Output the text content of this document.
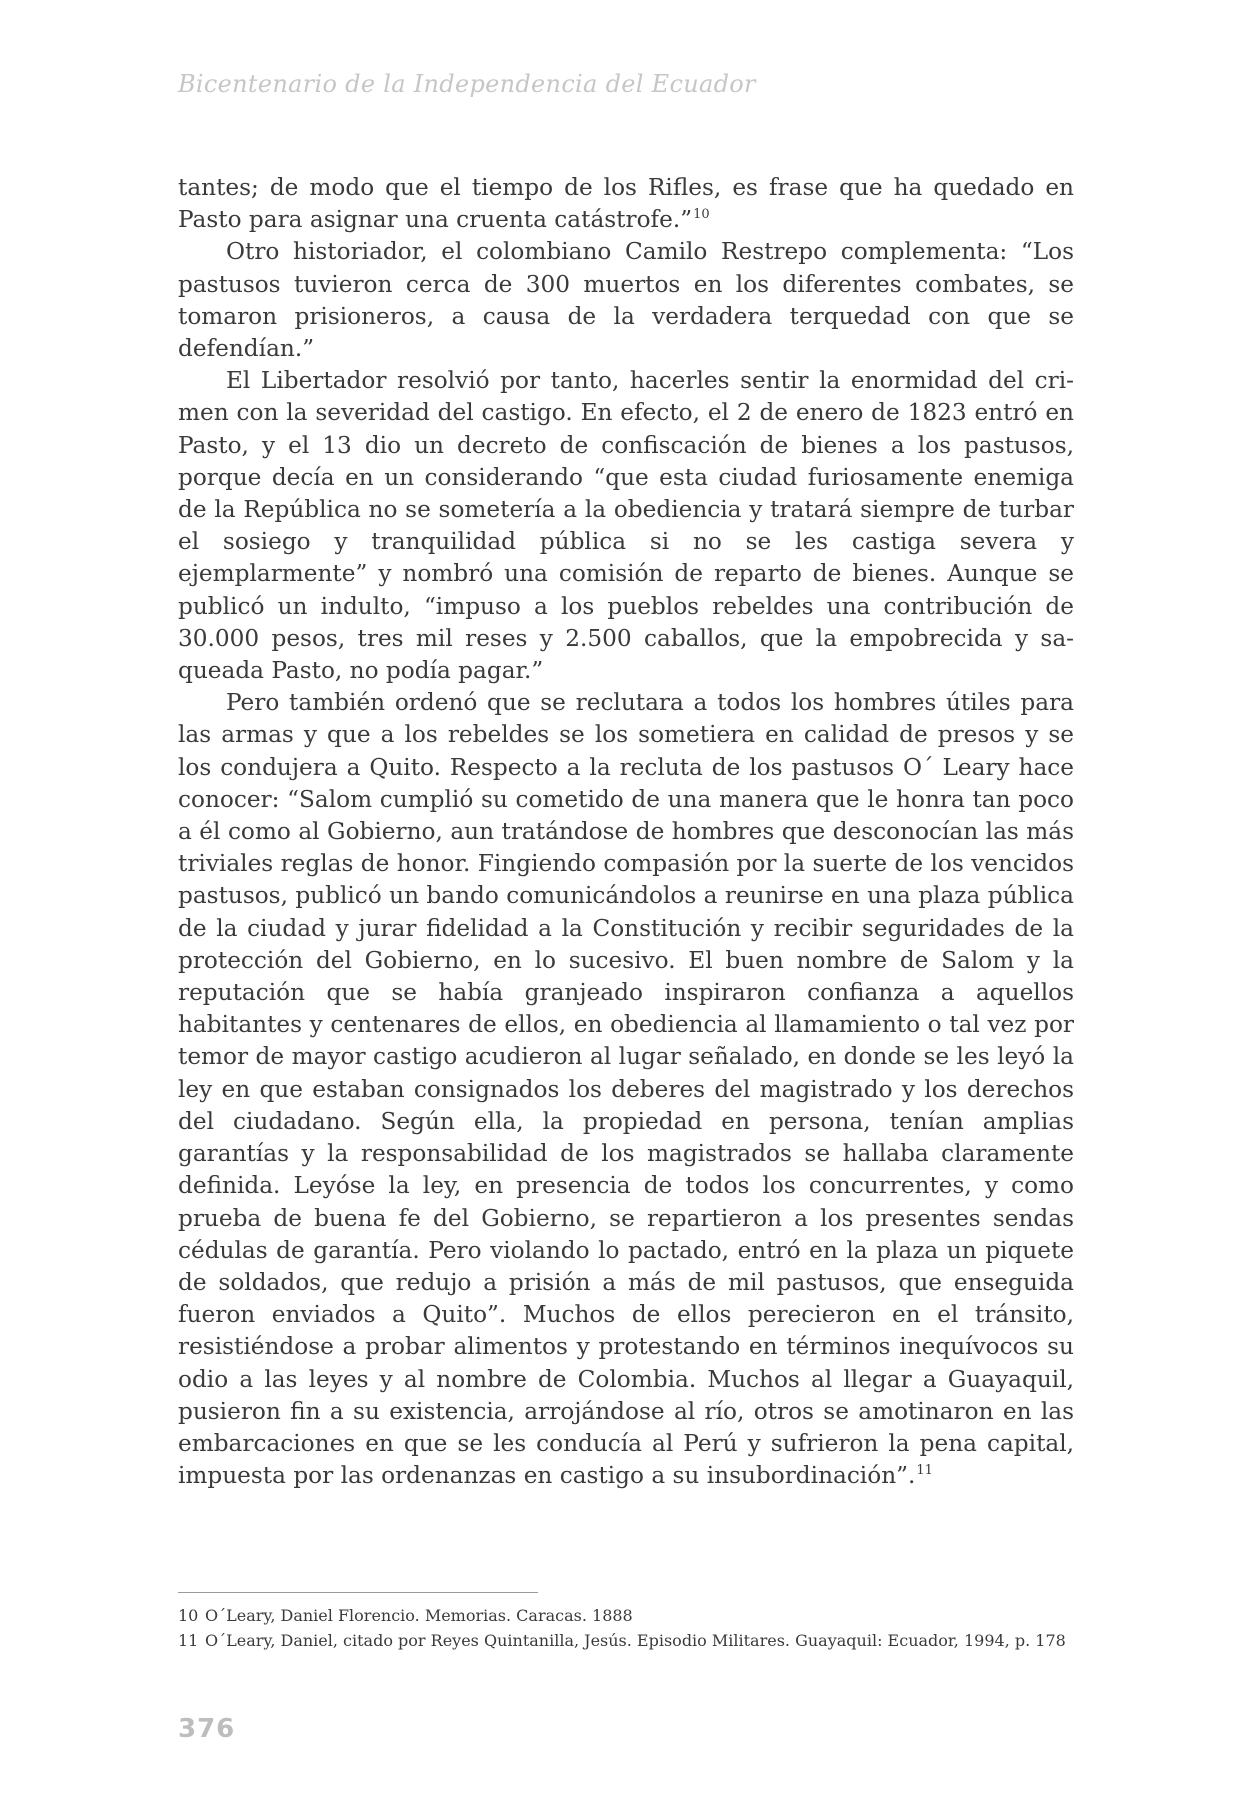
Bicentenario de la Independencia del Ecuador

tantes; de modo que el tiempo de los Rifles, es frase que ha quedado en Pasto para asignar una cruenta catástrofe.”$^{10}$

Otro historiador, el colombiano Camilo Restrepo complementa: “Los pastusos tuvieron cerca de 300 muertos en los diferentes combates, se tomaron prisioneros, a causa de la verdadera terquedad con que se defendían.”

El Libertador resolvió por tanto, hacerles sentir la enormidad del crimen con la severidad del castigo. En efecto, el 2 de enero de 1823 entró en Pasto, y el 13 dio un decreto de confiscación de bienes a los pastusos, porque decía en un considerando “que esta ciudad furiosamente enemiga de la República no se sometería a la obediencia y tratará siempre de turbar el sosiego y tranquilidad pública si no se les castiga severa y ejemplarmente” y nombró una comisión de reparto de bienes. Aunque se publicó un indulto, “impuso a los pueblos rebeldes una contribución de 30.000 pesos, tres mil reses y 2.500 caballos, que la empobrecida y saqueada Pasto, no podía pagar.”

Pero también ordenó que se reclutara a todos los hombres útiles para las armas y que a los rebeldes se los sometiera en calidad de presos y se los condujera a Quito. Respecto a la recluta de los pastusos O´ Leary hace conocer: “Salom cumplió su cometido de una manera que le honra tan poco a él como al Gobierno, aun tratándose de hombres que desconocían las más triviales reglas de honor. Fingiendo compasión por la suerte de los vencidos pastusos, publicó un bando comunicándolos a reunirse en una plaza pública de la ciudad y jurar fidelidad a la Constitución y recibir seguridades de la protección del Gobierno, en lo sucesivo. El buen nombre de Salom y la reputación que se había granjeado inspiraron confianza a aquellos habitantes y centenares de ellos, en obediencia al llamamiento o tal vez por temor de mayor castigo acudieron al lugar señalado, en donde se les leyó la ley en que estaban consignados los deberes del magistrado y los derechos del ciudadano. Según ella, la propiedad en persona, tenían amplias garantías y la responsabilidad de los magistrados se hallaba claramente definida. Leyóse la ley, en presencia de todos los concurrentes, y como prueba de buena fe del Gobierno, se repartieron a los presentes sendas cédulas de garantía. Pero violando lo pactado, entró en la plaza un piquete de soldados, que redujo a prisión a más de mil pastusos, que enseguida fueron enviados a Quito”. Muchos de ellos perecieron en el tránsito, resistiéndose a probar alimentos y protestando en términos inequívocos su odio a las leyes y al nombre de Colombia. Muchos al llegar a Guayaquil, pusieron fin a su existencia, arrojándose al río, otros se amotinaron en las embarcaciones en que se les conducía al Perú y sufrieron la pena capital, impuesta por las ordenanzas en castigo a su insubordinación”.$^{11}$

10 O´Leary, Daniel Florencio. Memorias. Caracas. 1888
11 O´Leary, Daniel, citado por Reyes Quintanilla, Jesús. Episodio Militares. Guayaquil: Ecuador, 1994, p. 178
376
